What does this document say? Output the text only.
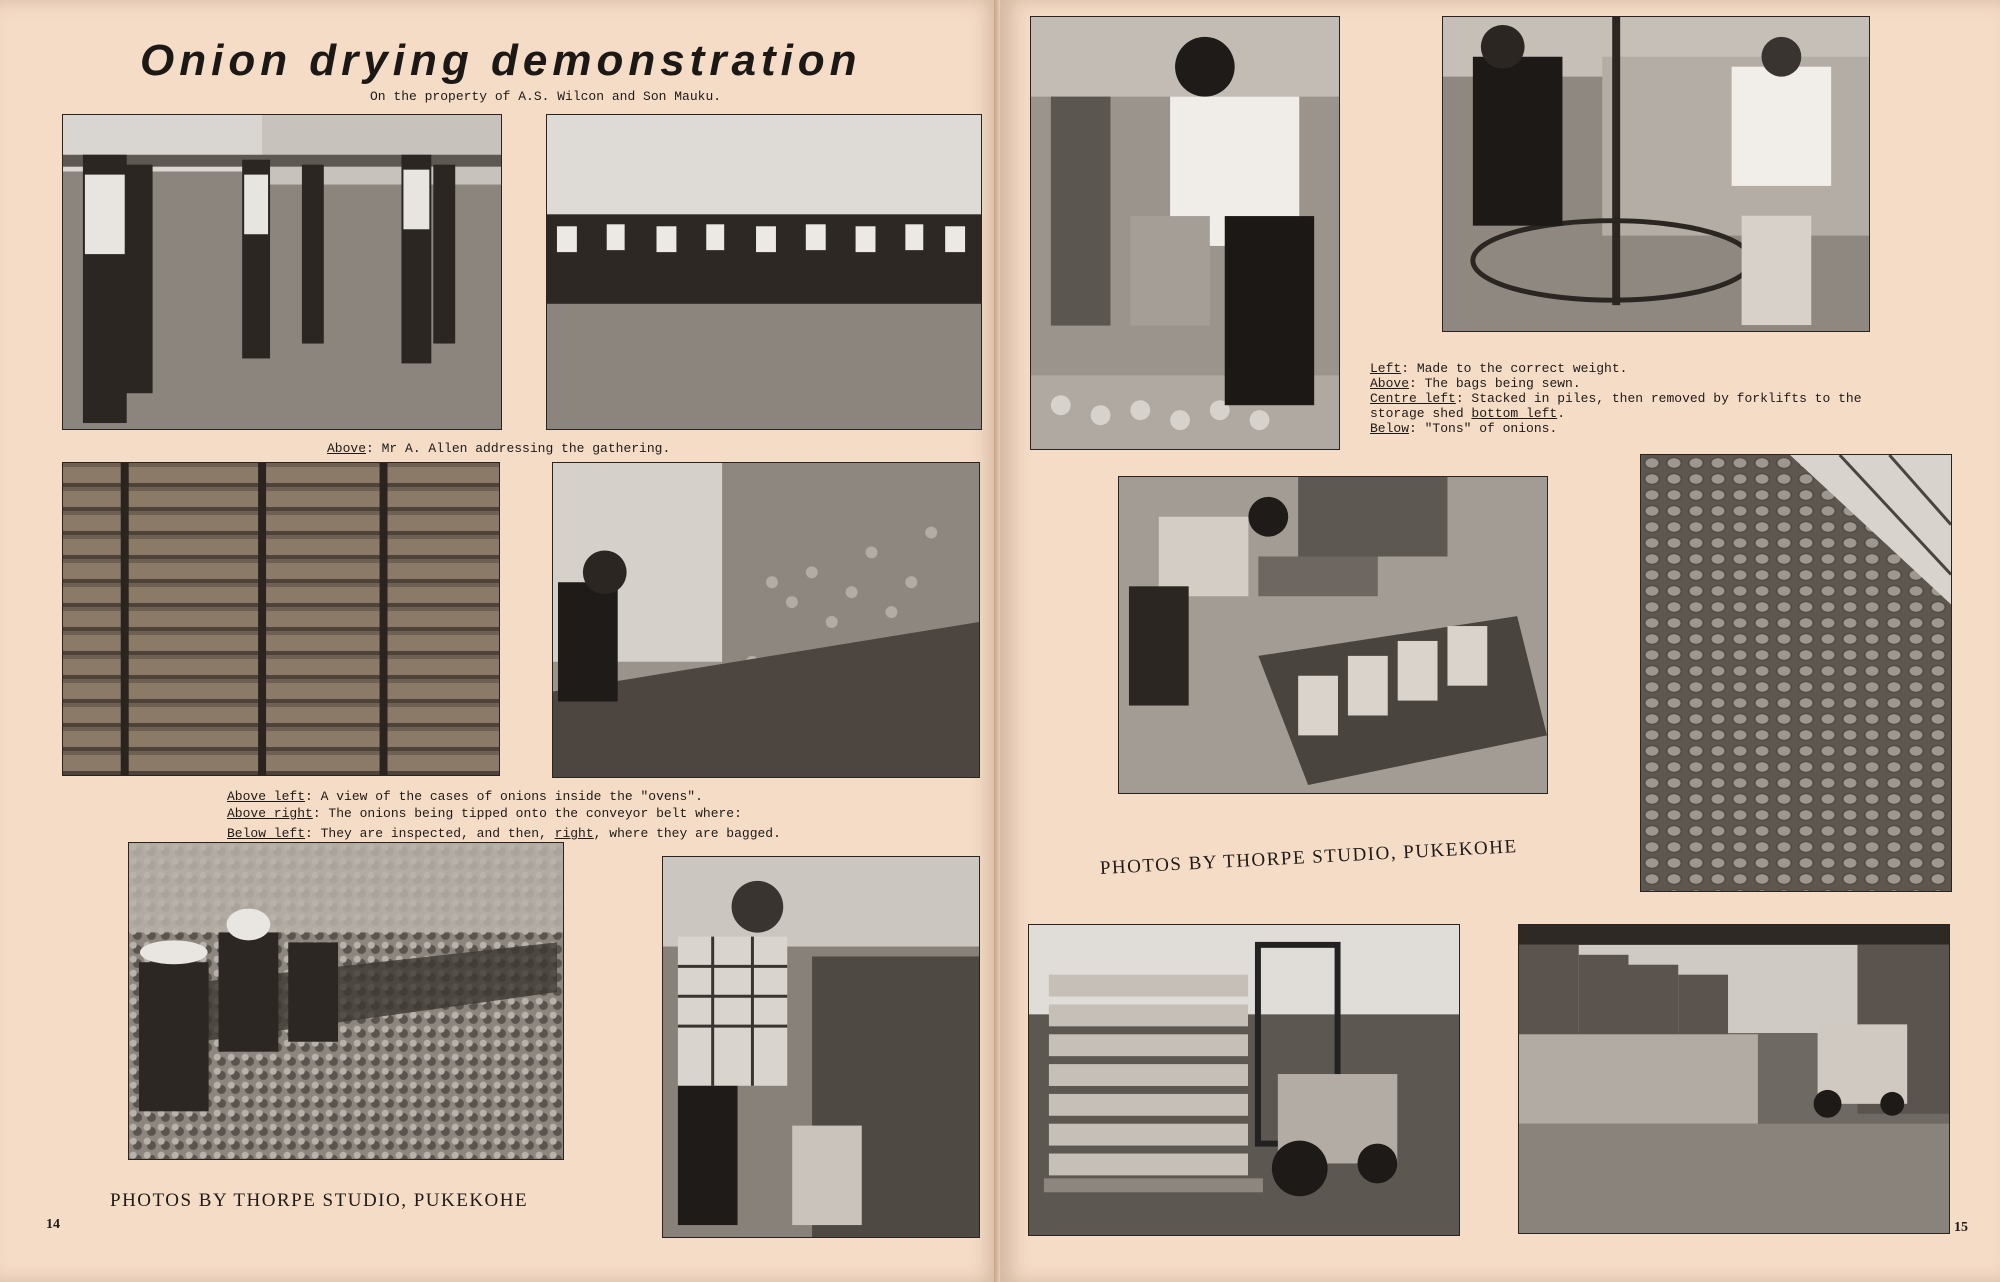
Onion drying demonstration
On the property of A.S. Wilcon and Son Mauku.
Above: Mr A. Allen addressing the gathering.
Above left: A view of the cases of onions inside the "ovens".
Above right: The onions being tipped onto the conveyor belt where:
Below left: They are inspected, and then, right, where they are bagged.
PHOTOS BY THORPE STUDIO, PUKEKOHE
14
Left: Made to the correct weight.
Above: The bags being sewn.
Centre left: Stacked in piles, then removed by forklifts to the
storage shed bottom left.
Below: "Tons" of onions.
PHOTOS BY THORPE STUDIO, PUKEKOHE
15
